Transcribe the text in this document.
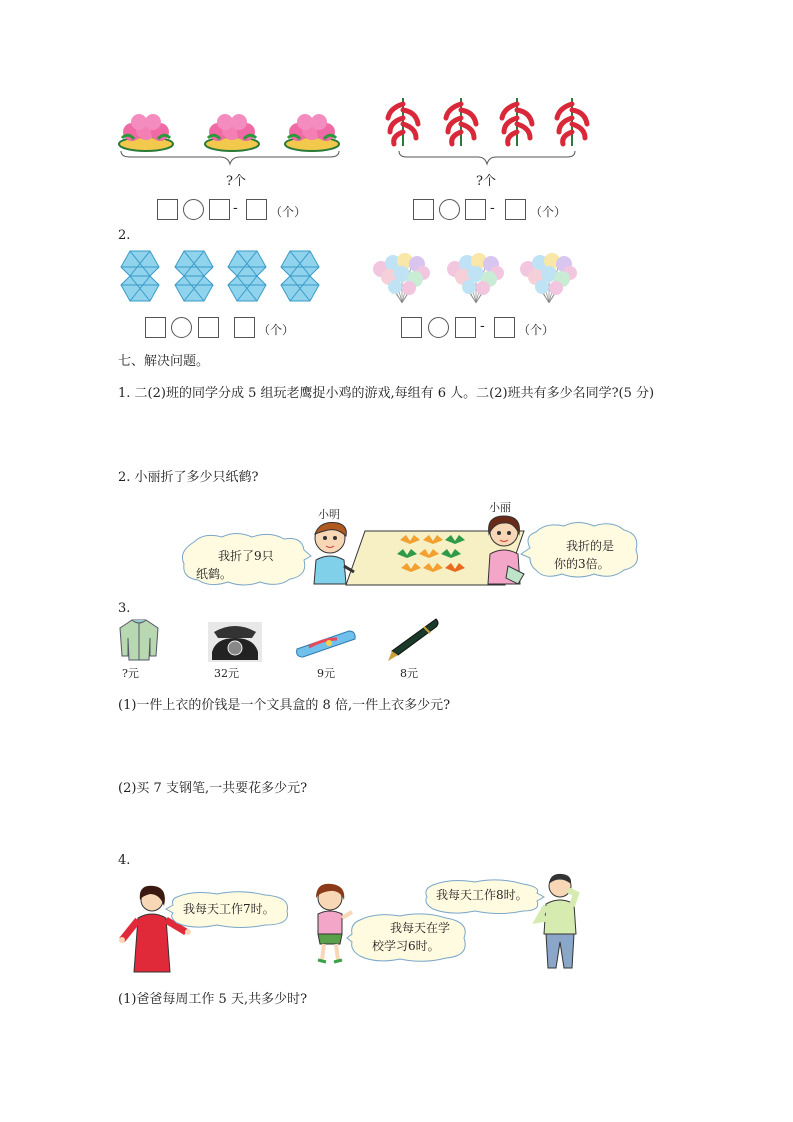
?个	?个
-	（个）	-	（个）
2.
（个）	-	（个）
七、解决问题。
1. 二(2)班的同学分成 5 组玩老鹰捉小鸡的游戏,每组有 6 人。二(2)班共有多少名同学?(5 分)
2. 小丽折了多少只纸鹤?
小明
小丽
我折了9只
纸鹤。
我折的是
你的3倍。
3.
?元	32元	9元	8元
(1)一件上衣的价钱是一个文具盒的 8 倍,一件上衣多少元?
(2)买 7 支钢笔,一共要花多少元?
4.
我每天工作7时。
我每天在学
校学习6时。
我每天工作8时。
(1)爸爸每周工作 5 天,共多少时?
